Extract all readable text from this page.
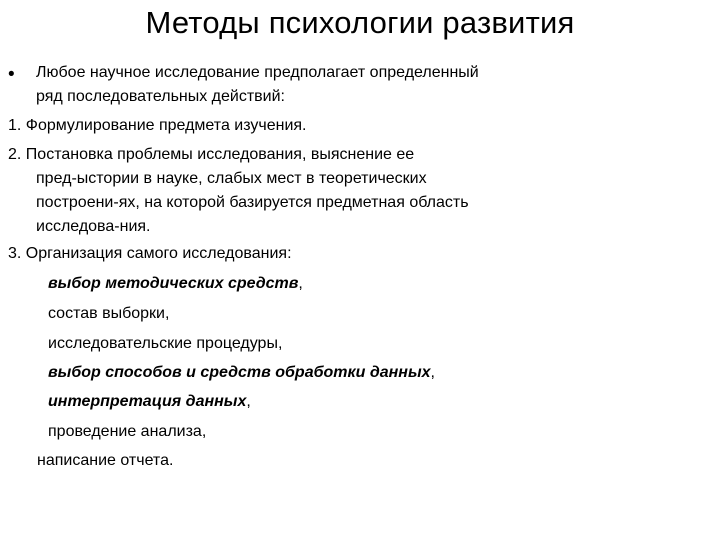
Методы психологии развития
• Любое научное исследование предполагает определенный
ряд последовательных действий:
1. Формулирование предмета изучения.
2. Постановка проблемы исследования, выяснение ее
пред-ыстории в науке, слабых мест в теоретических
построени-ях, на которой базируется предметная область
исследова-ния.
3. Организация самого исследования:
выбор методических средств,
состав выборки,
исследовательские процедуры,
выбор способов и средств обработки данных,
интерпретация данных,
проведение анализа,
написание отчета.
